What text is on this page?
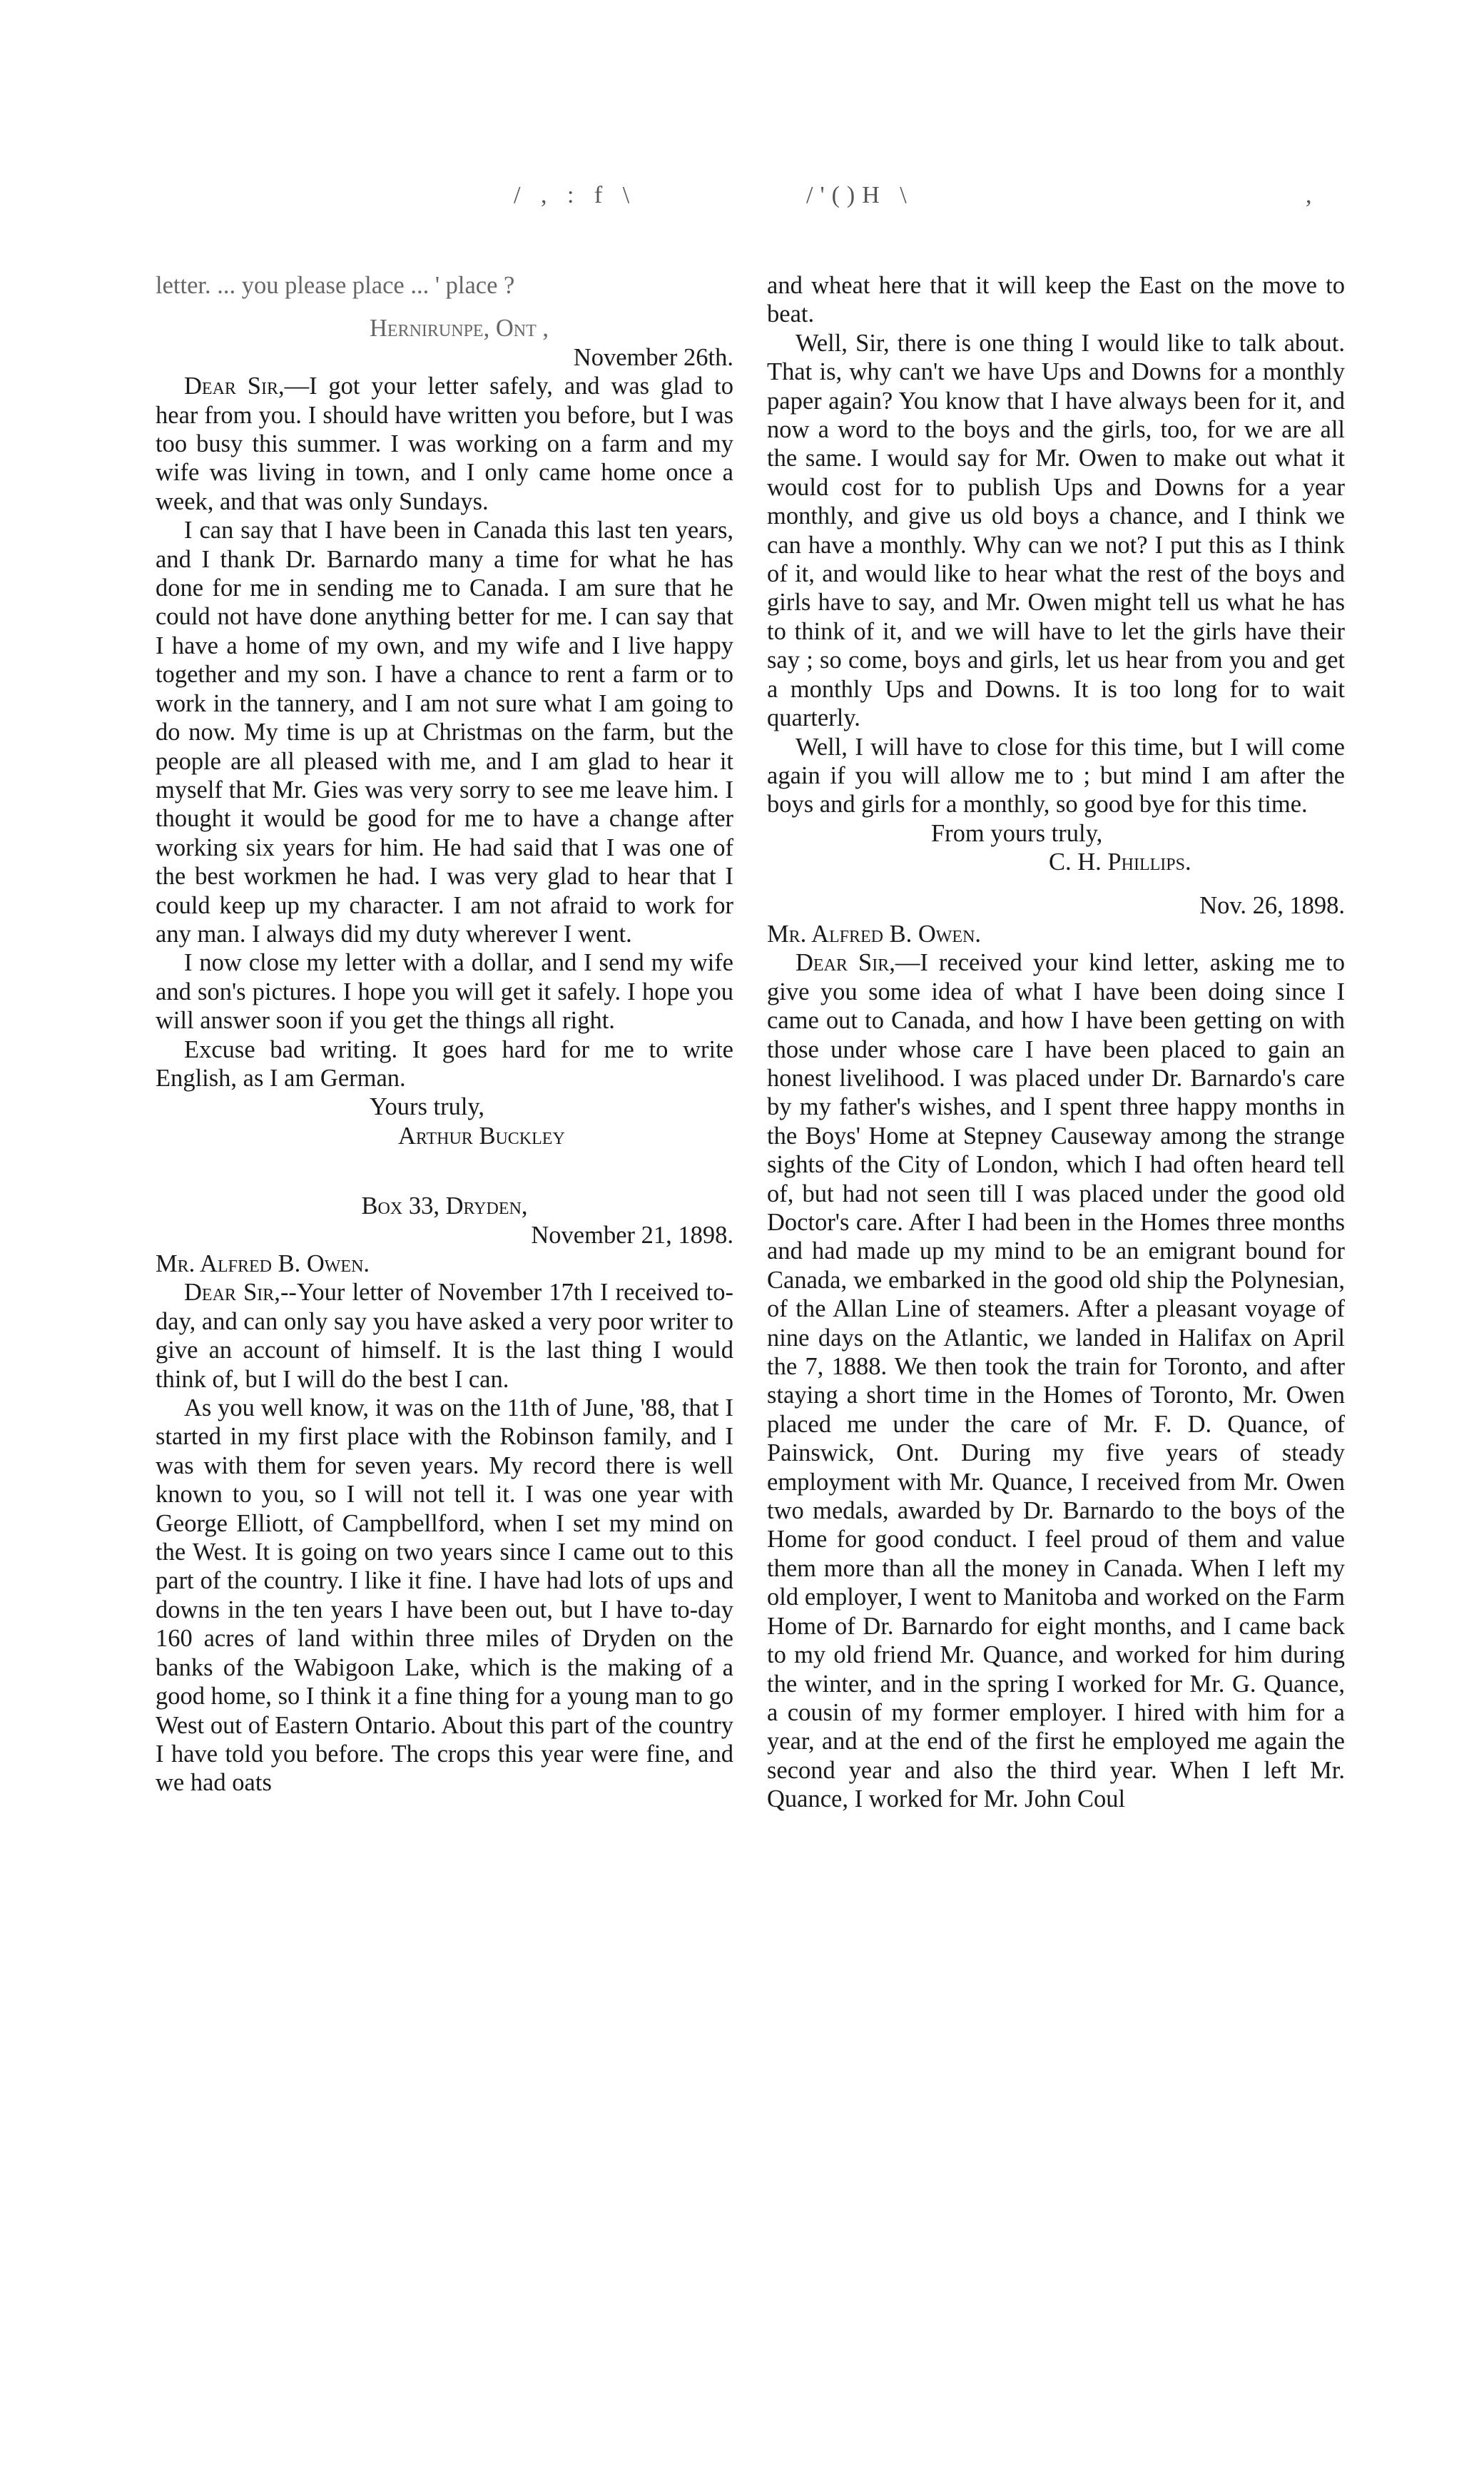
/ , : f \	/'()H \	,

letter. ... you please place ... ' place ?

Hernirunpe, Ont ,

November 26th.

Dear Sir,—I got your letter safely, and was glad to hear from you. I should have written you before, but I was too busy this summer. I was working on a farm and my wife was living in town, and I only came home once a week, and that was only Sundays.

I can say that I have been in Canada this last ten years, and I thank Dr. Barnardo many a time for what he has done for me in sending me to Canada. I am sure that he could not have done anything better for me. I can say that I have a home of my own, and my wife and I live happy together and my son. I have a chance to rent a farm or to work in the tannery, and I am not sure what I am going to do now. My time is up at Christmas on the farm, but the people are all pleased with me, and I am glad to hear it myself that Mr. Gies was very sorry to see me leave him. I thought it would be good for me to have a change after working six years for him. He had said that I was one of the best workmen he had. I was very glad to hear that I could keep up my character. I am not afraid to work for any man. I always did my duty wherever I went.

I now close my letter with a dollar, and I send my wife and son's pictures. I hope you will get it safely. I hope you will answer soon if you get the things all right.

Excuse bad writing. It goes hard for me to write English, as I am German.

Yours truly,

Arthur Buckley

Box 33, Dryden,

November 21, 1898.

Mr. Alfred B. Owen.

Dear Sir,--Your letter of November 17th I received to-day, and can only say you have asked a very poor writer to give an account of himself. It is the last thing I would think of, but I will do the best I can.

As you well know, it was on the 11th of June, '88, that I started in my first place with the Robinson family, and I was with them for seven years. My record there is well known to you, so I will not tell it. I was one year with George Elliott, of Campbellford, when I set my mind on the West. It is going on two years since I came out to this part of the country. I like it fine. I have had lots of ups and downs in the ten years I have been out, but I have to-day 160 acres of land within three miles of Dryden on the banks of the Wabigoon Lake, which is the making of a good home, so I think it a fine thing for a young man to go West out of Eastern Ontario. About this part of the country I have told you before. The crops this year were fine, and we had oats

and wheat here that it will keep the East on the move to beat.

Well, Sir, there is one thing I would like to talk about. That is, why can't we have Ups and Downs for a monthly paper again? You know that I have always been for it, and now a word to the boys and the girls, too, for we are all the same. I would say for Mr. Owen to make out what it would cost for to publish Ups and Downs for a year monthly, and give us old boys a chance, and I think we can have a monthly. Why can we not? I put this as I think of it, and would like to hear what the rest of the boys and girls have to say, and Mr. Owen might tell us what he has to think of it, and we will have to let the girls have their say ; so come, boys and girls, let us hear from you and get a monthly Ups and Downs. It is too long for to wait quarterly.

Well, I will have to close for this time, but I will come again if you will allow me to ; but mind I am after the boys and girls for a monthly, so good bye for this time.

From yours truly,

C. H. Phillips.

Nov. 26, 1898.

Mr. Alfred B. Owen.

Dear Sir,—I received your kind letter, asking me to give you some idea of what I have been doing since I came out to Canada, and how I have been getting on with those under whose care I have been placed to gain an honest livelihood. I was placed under Dr. Barnardo's care by my father's wishes, and I spent three happy months in the Boys' Home at Stepney Causeway among the strange sights of the City of London, which I had often heard tell of, but had not seen till I was placed under the good old Doctor's care. After I had been in the Homes three months and had made up my mind to be an emigrant bound for Canada, we embarked in the good old ship the Polynesian, of the Allan Line of steamers. After a pleasant voyage of nine days on the Atlantic, we landed in Halifax on April the 7, 1888. We then took the train for Toronto, and after staying a short time in the Homes of Toronto, Mr. Owen placed me under the care of Mr. F. D. Quance, of Painswick, Ont. During my five years of steady employment with Mr. Quance, I received from Mr. Owen two medals, awarded by Dr. Barnardo to the boys of the Home for good conduct. I feel proud of them and value them more than all the money in Canada. When I left my old employer, I went to Manitoba and worked on the Farm Home of Dr. Barnardo for eight months, and I came back to my old friend Mr. Quance, and worked for him during the winter, and in the spring I worked for Mr. G. Quance, a cousin of my former employer. I hired with him for a year, and at the end of the first he employed me again the second year and also the third year. When I left Mr. Quance, I worked for Mr. John Coul
